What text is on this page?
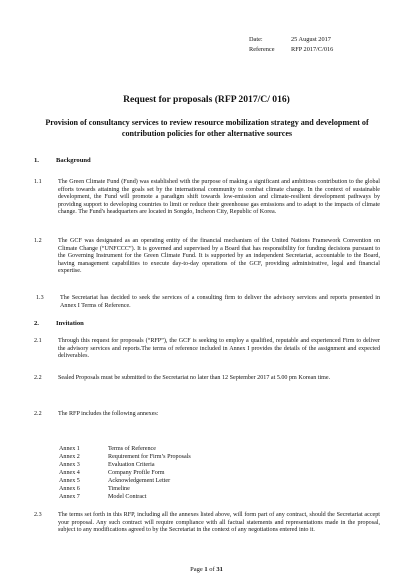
Date:	25 August 2017
Reference	RFP 2017/C/016
Request for proposals (RFP 2017/C/ 016)
Provision of consultancy services to review resource mobilization strategy and development of contribution policies for other alternative sources
1.	Background
1.1	The Green Climate Fund (Fund) was established with the purpose of making a significant and ambitious contribution to the global efforts towards attaining the goals set by the international community to combat climate change. In the context of sustainable development, the Fund will promote a paradigm shift towards low-emission and climate-resilient development pathways by providing support to developing countries to limit or reduce their greenhouse gas emissions and to adapt to the impacts of climate change. The Fund's headquarters are located in Songdo, Incheon City, Republic of Korea.
1.2	The GCF was designated as an operating entity of the financial mechanism of the United Nations Framework Convention on Climate Change (“UNFCCC”). It is governed and supervised by a Board that has responsibility for funding decisions pursuant to the Governing Instrument for the Green Climate Fund. It is supported by an independent Secretariat, accountable to the Board, having management capabilities to execute day-to-day operations of the GCF, providing administrative, legal and financial expertise.
1.3	The Secretariat has decided to seek the services of a consulting firm to deliver the advisory services and reports presented in Annex I Terms of Reference.
2.	Invitation
2.1	Through this request for proposals (“RFP”), the GCF is seeking to employ a qualified, reputable and experienced Firm to deliver the advisory services and reports.The terms of reference included in Annex I provides the details of the assignment and expected deliverables.
2.2	Sealed Proposals must be submitted to the Secretariat no later than 12 September 2017 at 5.00 pm Korean time.
2.2	The RFP includes the following annexes:
Annex 1	Terms of Reference
Annex 2	Requirement for Firm’s Proposals
Annex 3	Evaluation Criteria
Annex 4	Company Profile Form
Annex 5	Acknowledgement Letter
Annex 6	Timeline
Annex 7	Model Contract
2.3	The terms set forth in this RFP, including all the annexes listed above, will form part of any contract, should the Secretariat accept your proposal. Any such contract will require compliance with all factual statements and representations made in the proposal, subject to any modifications agreed to by the Secretariat in the context of any negotiations entered into it.
Page 1 of 31
